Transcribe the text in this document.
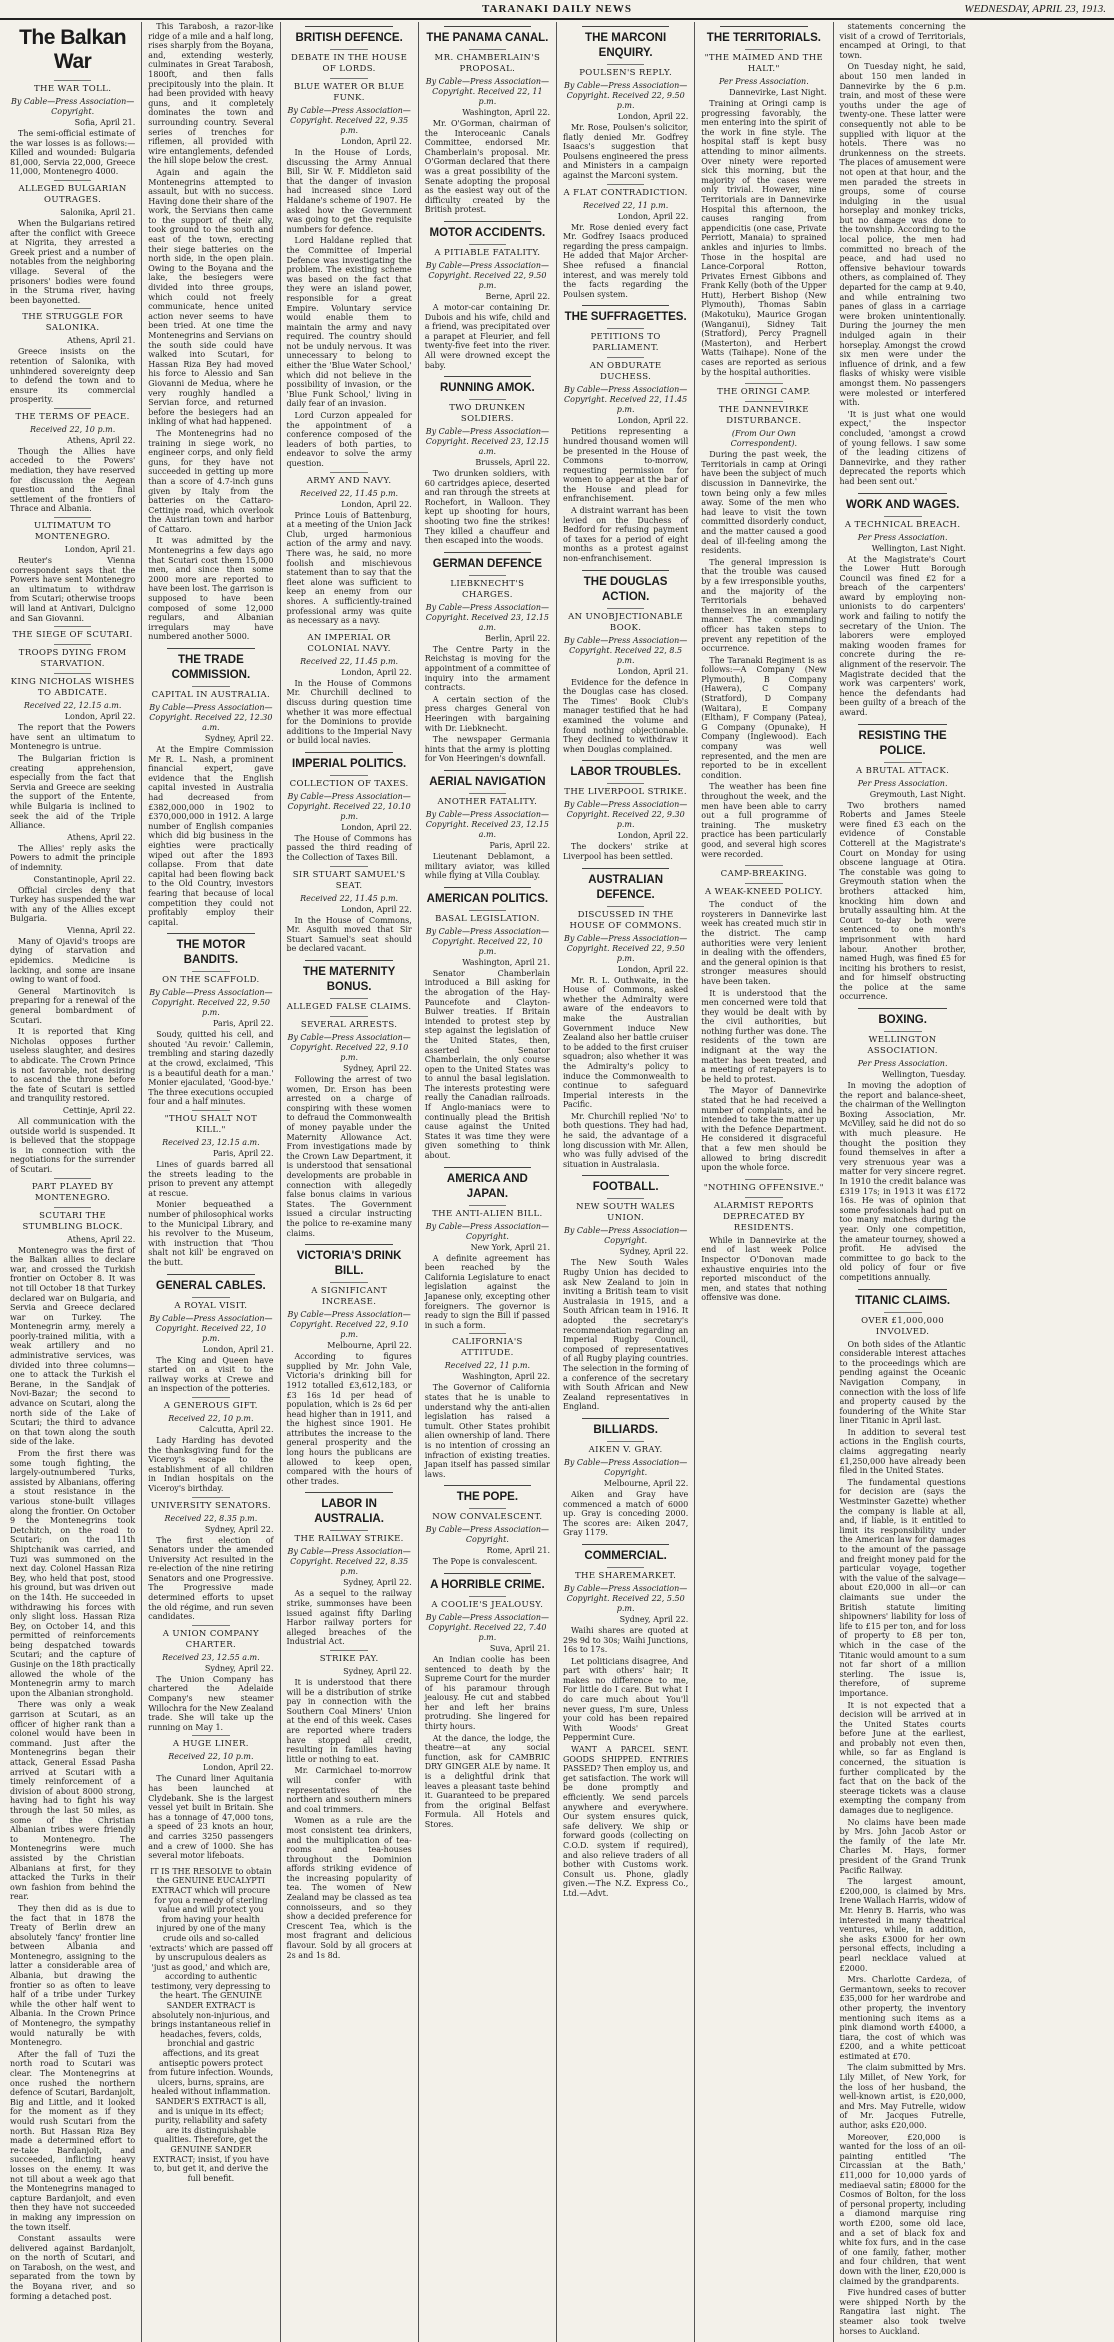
TARANAKI DAILY NEWS	WEDNESDAY, APRIL 23, 1913.
The Balkan War
THE WAR TOLL.
By Cable—Press Association—Copyright.
Sofia, April 21.

The semi-official estimate of the war losses is as follows:—Killed and wounded: Bulgaria 81,000, Servia 22,000, Greece 11,000, Montenegro 4000.

ALLEGED BULGARIAN OUTRAGES.
Salonika, April 21.

When the Bulgarians retired after the conflict with Greece at Nigrita, they arrested a Greek priest and a number of notables from the neighboring village. Several of the prisoners' bodies were found in the Struma river, having been bayonetted.

THE STRUGGLE FOR SALONIKA.
Athens, April 21.

Greece insists on the retention of Salonika, with unhindered sovereignty deep to defend the town and to ensure its commercial prosperity.

THE TERMS OF PEACE.
Received 22, 10 p.m.
Athens, April 22.

Though the Allies have acceded to the Powers' mediation, they have reserved for discussion the Aegean question and the final settlement of the frontiers of Thrace and Albania.

ULTIMATUM TO MONTENEGRO.
London, April 21.

Reuter's Vienna correspondent says that the Powers have sent Montenegro an ultimatum to withdraw from Scutari; otherwise troops will land at Antivari, Dulcigno and San Giovanni.

THE SIEGE OF SCUTARI.
TROOPS DYING FROM STARVATION.
KING NICHOLAS WISHES TO ABDICATE.
Received 22, 12.15 a.m.
London, April 22.

The report that the Powers have sent an ultimatum to Montenegro is untrue.

The Bulgarian friction is creating apprehension, especially from the fact that Servia and Greece are seeking the support of the Entente, while Bulgaria is inclined to seek the aid of the Triple Alliance.

Athens, April 22.

The Allies' reply asks the Powers to admit the principle of indemnity.

Constantinople, April 22.

Official circles deny that Turkey has suspended the war with any of the Allies except Bulgaria.

Vienna, April 22.

Many of Ojavid's troops are dying of starvation and epidemics. Medicine is lacking, and some are insane owing to want of food.

General Martinovitch is preparing for a renewal of the general bombardment of Scutari.

It is reported that King Nicholas opposes further useless slaughter, and desires to abdicate. The Crown Prince is not favorable, not desiring to ascend the throne before the fate of Scutari is settled and tranquility restored.

Cettinje, April 22.

All communication with the outside world is suspended. It is believed that the stoppage is in connection with the negotiations for the surrender of Scutari.

PART PLAYED BY MONTENEGRO.
SCUTARI THE STUMBLING BLOCK.
Athens, April 22.

Montenegro was the first of the Balkan allies to declare war, and crossed the Turkish frontier on October 8. It was not till October 18 that Turkey declared war on Bulgaria, and Servia and Greece declared war on Turkey. The Montenegrin army, merely a poorly-trained militia, with a weak artillery and no administrative services, was divided into three columns—one to attack the Turkish el Berane, in the Sandjak of Novi-Bazar; the second to advance on Scutari, along the north side of the Lake of Scutari; the third to advance on that town along the south side of the lake.

From the first there was some tough fighting, the largely-outnumbered Turks, assisted by Albanians, offering a stout resistance in the various stone-built villages along the frontier. On October 9 the Montenegrins took Detchitch, on the road to Scutari; on the 11th Shiptchanik was carried, and Tuzi was summoned on the next day. Colonel Hassan Riza Bey, who held that post, stood his ground, but was driven out on the 14th. He succeeded in withdrawing his forces with only slight loss. Hassan Riza Bey, on October 14, and this permitted of reinforcements being despatched towards Scutari; and the capture of Gusinje on the 18th practically allowed the whole of the Montenegrin army to march upon the Albanian stronghold.

There was only a weak garrison at Scutari, as an officer of higher rank than a colonel would have been in command. Just after the Montenegrins began their attack, General Essad Pasha arrived at Scutari with a timely reinforcement of a division of about 8000 strong, having had to fight his way through the last 50 miles, as some of the Christian Albanian tribes were friendly to Montenegro. The Montenegrins were much assisted by the Christian Albanians at first, for they attacked the Turks in their own fashion from behind the rear.

They then did as is due to the fact that in 1878 the Treaty of Berlin drew an absolutely 'fancy' frontier line between Albania and Montenegro, assigning to the latter a considerable area of Albania, but drawing the frontier so as often to leave half of a tribe under Turkey while the other half went to Albania. In the Crown Prince of Montenegro, the sympathy would naturally be with Montenegro.

After the fall of Tuzi the north road to Scutari was clear. The Montenegrins at once rushed the northern defence of Scutari, Bardanjolt, Big and Little, and it looked for the moment as if they would rush Scutari from the north. But Hassan Riza Bey made a determined effort to re-take Bardanjolt, and succeeded, inflicting heavy losses on the enemy. It was not till about a week ago that the Montenegrins managed to capture Bardanjolt, and even then they have not succeeded in making any impression on the town itself.

Constant assaults were delivered against Bardanjolt, on the north of Scutari, and on Tarabosh, on the west, and separated from the town by the Boyana river, and so forming a detached post.

This Tarabosh, a razor-like ridge of a mile and a half long, rises sharply from the Boyana, and, extending westerly, culminates in Great Tarabosh, 1800ft, and then falls precipitously into the plain. It had been provided with heavy guns, and it completely dominates the town and surrounding country. Several series of trenches for riflemen, all provided with wire entanglements, defended the hill slope below the crest.

Again and again the Montenegrins attempted to assault, but with no success. Having done their share of the work, the Servians then came to the support of their ally, took ground to the south and east of the town, erecting their siege batteries on the north side, in the open plain. Owing to the Boyana and the lake, the besiegers were divided into three groups, which could not freely communicate, hence united action never seems to have been tried. At one time the Montenegrins and Servians on the south side could have walked into Scutari, for Hassan Riza Bey had moved his force to Alessio and San Giovanni de Medua, where he very roughly handled a Servian force, and returned before the besiegers had an inkling of what had happened.

The Montenegrins had no training in siege work, no engineer corps, and only field guns, for they have not succeeded in getting up more than a score of 4.7-inch guns given by Italy from the batteries on the Cattaro-Cettinje road, which overlook the Austrian town and harbor of Cattaro.

It was admitted by the Montenegrins a few days ago that Scutari cost them 15,000 men, and since then some 2000 more are reported to have been lost. The garrison is supposed to have been composed of some 12,000 regulars, and Albanian irregulars may have numbered another 5000.

THE TRADE COMMISSION.
CAPITAL IN AUSTRALIA.
By Cable—Press Association—Copyright. Received 22, 12.30 a.m.
Sydney, April 22.

At the Empire Commission Mr R. L. Nash, a prominent financial expert, gave evidence that the English capital invested in Australia had decreased from £382,000,000 in 1902 to £370,000,000 in 1912. A large number of English companies which did big business in the eighties were practically wiped out after the 1893 collapse. From that date capital had been flowing back to the Old Country, investors fearing that because of local competition they could not profitably employ their capital.

THE MOTOR BANDITS.
ON THE SCAFFOLD.
By Cable—Press Association—Copyright. Received 22, 9.50 p.m.
Paris, April 22.

Soudy, quitted his cell, and shouted 'Au revoir.' Callemin, trembling and staring dazedly at the crowd, exclaimed, 'This is a beautiful death for a man.' Monier ejaculated, 'Good-bye.' The three executions occupied four and a half minutes.

"THOU SHALT NOT KILL."
Received 23, 12.15 a.m.
Paris, April 22.

Lines of guards barred all the streets leading to the prison to prevent any attempt at rescue.

Monier bequeathed a number of philosophical works to the Municipal Library, and his revolver to the Museum, with instruction that 'Thou shalt not kill' be engraved on the butt.

GENERAL CABLES.
A ROYAL VISIT.
By Cable—Press Association—Copyright. Received 22, 10 p.m.
London, April 21.

The King and Queen have started on a visit to the railway works at Crewe and an inspection of the potteries.

A GENEROUS GIFT.
Received 22, 10 p.m.
Calcutta, April 22.

Lady Harding has devoted the thanksgiving fund for the Viceroy's escape to the establishment of all children in Indian hospitals on the Viceroy's birthday.

UNIVERSITY SENATORS.
Received 22, 8.35 p.m.
Sydney, April 22.

The first election of Senators under the amended University Act resulted in the re-election of the nine retiring Senators and one Progressive. The Progressive made determined efforts to upset the old régime, and run seven candidates.

A UNION COMPANY CHARTER.
Received 23, 12.55 a.m.
Sydney, April 22.

The Union Company has chartered the Adelaide Company's new steamer Willochra for the New Zealand trade. She will take up the running on May 1.

A HUGE LINER.
Received 22, 10 p.m.
London, April 22.

The Cunard liner Aquitania has been launched at Clydebank. She is the largest vessel yet built in Britain. She has a tonnage of 47,000 tons, a speed of 23 knots an hour, and carries 3250 passengers and a crew of 1000. She has several motor lifeboats.

IT IS THE RESOLVE to obtain the GENUINE EUCALYPTI EXTRACT which will procure for you a remedy of sterling value and will protect you from having your health injured by one of the many crude oils and so-called 'extracts' which are passed off by unscrupulous dealers as 'just as good,' and which are, according to authentic testimony, very depressing to the heart. The GENUINE SANDER EXTRACT is absolutely non-injurious, and brings instantaneous relief in headaches, fevers, colds, bronchial and gastric affections, and its great antiseptic powers protect from future infection. Wounds, ulcers, burns, sprains, are healed without inflammation. SANDER'S EXTRACT is all, and is unique in its effect; purity, reliability and safety are its distinguishable qualities. Therefore, get the GENUINE SANDER EXTRACT; insist, if you have to, but get it, and derive the full benefit.

BRITISH DEFENCE.
DEBATE IN THE HOUSE OF LORDS.
BLUE WATER OR BLUE FUNK.
By Cable—Press Association—Copyright. Received 22, 9.35 p.m.
London, April 22.

In the House of Lords, discussing the Army Annual Bill, Sir W. F. Middleton said that the danger of invasion had increased since Lord Haldane's scheme of 1907. He asked how the Government was going to get the requisite numbers for defence.

Lord Haldane replied that the Committee of Imperial Defence was investigating the problem. The existing scheme was based on the fact that they were an island power, responsible for a great Empire. Voluntary service would enable them to maintain the army and navy required. The country should not be unduly nervous. It was unnecessary to belong to either the 'Blue Water School,' which did not believe in the possibility of invasion, or the 'Blue Funk School,' living in daily fear of an invasion.

Lord Curzon appealed for the appointment of a conference composed of the leaders of both parties, to endeavor to solve the army question.

ARMY AND NAVY.
Received 22, 11.45 p.m.
London, April 22.

Prince Louis of Battenburg, at a meeting of the Union Jack Club, urged harmonious action of the army and navy. There was, he said, no more foolish and mischievous statement than to say that the fleet alone was sufficient to keep an enemy from our shores. A sufficiently-trained professional army was quite as necessary as a navy.

AN IMPERIAL OR COLONIAL NAVY.
Received 22, 11.45 p.m.
London, April 22.

In the House of Commons Mr. Churchill declined to discuss during question time whether it was more effectual for the Dominions to provide additions to the Imperial Navy or build local navies.

IMPERIAL POLITICS.
COLLECTION OF TAXES.
By Cable—Press Association—Copyright. Received 22, 10.10 p.m.
London, April 22.

The House of Commons has passed the third reading of the Collection of Taxes Bill.

SIR STUART SAMUEL'S SEAT.
Received 22, 11.45 p.m.
London, April 22.

In the House of Commons, Mr. Asquith moved that Sir Stuart Samuel's seat should be declared vacant.

THE MATERNITY BONUS.
ALLEGED FALSE CLAIMS.
SEVERAL ARRESTS.
By Cable—Press Association—Copyright. Received 22, 9.10 p.m.
Sydney, April 22.

Following the arrest of two women, Dr. Erson has been arrested on a charge of conspiring with these women to defraud the Commonwealth of money payable under the Maternity Allowance Act. From investigations made by the Crown Law Department, it is understood that sensational developments are probable in connection with allegedly false bonus claims in various States. The Government issued a circular instructing the police to re-examine many claims.

VICTORIA'S DRINK BILL.
A SIGNIFICANT INCREASE.
By Cable—Press Association—Copyright. Received 22, 9.10 p.m.
Melbourne, April 22.

According to figures supplied by Mr. John Vale, Victoria's drinking bill for 1912 totalled £3,612,183, or £3 16s 1d per head of population, which is 2s 6d per head higher than in 1911, and the highest since 1901. He attributes the increase to the general prosperity and the long hours the publicans are allowed to keep open, compared with the hours of other trades.

LABOR IN AUSTRALIA.
THE RAILWAY STRIKE.
By Cable—Press Association—Copyright. Received 22, 8.35 p.m.
Sydney, April 22.

As a sequel to the railway strike, summonses have been issued against fifty Darling Harbor railway porters for alleged breaches of the Industrial Act.

STRIKE PAY.
Sydney, April 22.

It is understood that there will be a distribution of strike pay in connection with the Southern Coal Miners' Union at the end of this week. Cases are reported where traders have stopped all credit, resulting in families having little or nothing to eat.

Mr. Carmichael to-morrow will confer with representatives of the northern and southern miners and coal trimmers.

Women as a rule are the most consistent tea drinkers, and the multiplication of tea-rooms and tea-houses throughout the Dominion affords striking evidence of the increasing popularity of tea. The women of New Zealand may be classed as tea connoisseurs, and so they show a decided preference for Crescent Tea, which is the most fragrant and delicious flavour. Sold by all grocers at 2s and 1s 8d.

THE PANAMA CANAL.
MR. CHAMBERLAIN'S PROPOSAL.
By Cable—Press Association—Copyright. Received 22, 11 p.m.
Washington, April 22.

Mr. O'Gorman, chairman of the Interoceanic Canals Committee, endorsed Mr. Chamberlain's proposal. Mr. O'Gorman declared that there was a great possibility of the Senate adopting the proposal as the easiest way out of the difficulty created by the British protest.

MOTOR ACCIDENTS.
A PITIABLE FATALITY.
By Cable—Press Association—Copyright. Received 22, 9.50 p.m.
Berne, April 22.

A motor-car containing Dr. Dubois and his wife, child and a friend, was precipitated over a parapet at Fleurier, and fell twenty-five feet into the river. All were drowned except the baby.

RUNNING AMOK.
TWO DRUNKEN SOLDIERS.
By Cable—Press Association—Copyright. Received 23, 12.15 a.m.
Brussels, April 22.

Two drunken soldiers, with 60 cartridges apiece, deserted and ran through the streets at Rochefort, in Walloon. They kept up shooting for hours, shooting two fine the strikes! They killed a chauffeur and then escaped into the woods.

GERMAN DEFENCE
LIEBKNECHT'S CHARGES.
By Cable—Press Association—Copyright. Received 23, 12.15 a.m.
Berlin, April 22.

The Centre Party in the Reichstag is moving for the appointment of a committee of inquiry into the armament contracts.

A certain section of the press charges General von Heeringen with bargaining with Dr. Liebknecht.

The newspaper Germania hints that the army is plotting for Von Heeringen's downfall.

AERIAL NAVIGATION
ANOTHER FATALITY.
By Cable—Press Association—Copyright. Received 23, 12.15 a.m.
Paris, April 22.

Lieutenant Deblamont, a military aviator, was killed while flying at Villa Coublay.

AMERICAN POLITICS.
BASAL LEGISLATION.
By Cable—Press Association—Copyright. Received 22, 10 p.m.
Washington, April 21.

Senator Chamberlain introduced a Bill asking for the abrogation of the Hay-Pauncefote and Clayton-Bulwer treaties. If Britain intended to protest step by step against the legislation of the United States, then, asserted Senator Chamberlain, the only course open to the United States was to annul the basal legislation. The interests protesting were really the Canadian railroads. If Anglo-maniacs were to continually plead the British cause against the United States it was time they were given something to think about.

AMERICA AND JAPAN.
THE ANTI-ALIEN BILL.
By Cable—Press Association—Copyright.
New York, April 21.

A definite agreement has been reached by the California Legislature to enact legislation against the Japanese only, excepting other foreigners. The governor is ready to sign the Bill if passed in such a form.

CALIFORNIA'S ATTITUDE.
Received 22, 11 p.m.
Washington, April 22.

The Governor of California states that he is unable to understand why the anti-alien legislation has raised a tumult. Other States prohibit alien ownership of land. There is no intention of crossing an infraction of existing treaties. Japan itself has passed similar laws.

THE POPE.
NOW CONVALESCENT.
By Cable—Press Association—Copyright.
Rome, April 21.

The Pope is convalescent.

A HORRIBLE CRIME.
A COOLIE'S JEALOUSY.
By Cable—Press Association—Copyright. Received 22, 7.40 p.m.
Suva, April 21.

An Indian coolie has been sentenced to death by the Supreme Court for the murder of his paramour through jealousy. He cut and stabbed her and left her brains protruding. She lingered for thirty hours.

At the dance, the lodge, the theatre—at any social function, ask for CAMBRIC DRY GINGER ALE by name. It is a delightful drink that leaves a pleasant taste behind it. Guaranteed to be prepared from the original Belfast Formula. All Hotels and Stores.

THE MARCONI ENQUIRY.
POULSEN'S REPLY.
By Cable—Press Association—Copyright. Received 22, 9.50 p.m.
London, April 22.

Mr. Rose, Poulsen's solicitor, flatly denied Mr. Godfrey Isaacs's suggestion that Poulsens engineered the press and Ministers in a campaign against the Marconi system.

A FLAT CONTRADICTION.
Received 22, 11 p.m.
London, April 22.

Mr. Rose denied every fact Mr. Godfrey Isaacs produced regarding the press campaign. He added that Major Archer-Shee refused a financial interest, and was merely told the facts regarding the Poulsen system.

THE SUFFRAGETTES.
PETITIONS TO PARLIAMENT.
AN OBDURATE DUCHESS.
By Cable—Press Association—Copyright. Received 22, 11.45 p.m.
London, April 22.

Petitions representing a hundred thousand women will be presented in the House of Commons to-morrow, requesting permission for women to appear at the bar of the House and plead for enfranchisement.

A distraint warrant has been levied on the Duchess of Bedford for refusing payment of taxes for a period of eight months as a protest against non-enfranchisement.

THE DOUGLAS ACTION.
AN UNOBJECTIONABLE BOOK.
By Cable—Press Association—Copyright. Received 22, 8.5 p.m.
London, April 21.

Evidence for the defence in the Douglas case has closed. The Times' Book Club's manager testified that he had examined the volume and found nothing objectionable. They declined to withdraw it when Douglas complained.

LABOR TROUBLES.
THE LIVERPOOL STRIKE.
By Cable—Press Association—Copyright. Received 22, 9.30 p.m.
London, April 22.

The dockers' strike at Liverpool has been settled.

AUSTRALIAN DEFENCE.
DISCUSSED IN THE HOUSE OF COMMONS.
By Cable—Press Association—Copyright. Received 22, 9.50 p.m.
London, April 22.

Mr. R. L. Outhwaite, in the House of Commons, asked whether the Admiralty were aware of the endeavors to make the Australian Government induce New Zealand also her battle cruiser to be added to the first cruiser squadron; also whether it was the Admiralty's policy to induce the Commonwealth to continue to safeguard Imperial interests in the Pacific.

Mr. Churchill replied 'No' to both questions. They had had, he said, the advantage of a long discussion with Mr. Allen, who was fully advised of the situation in Australasia.

FOOTBALL.
NEW SOUTH WALES UNION.
By Cable—Press Association—Copyright.
Sydney, April 22.

The New South Wales Rugby Union has decided to ask New Zealand to join in inviting a British team to visit Australasia in 1915, and a South African team in 1916. It adopted the secretary's recommendation regarding an Imperial Rugby Council, composed of representatives of all Rugby playing countries. The selection in the forming of a conference of the secretary with South African and New Zealand representatives in England.

BILLIARDS.
AIKEN V. GRAY.
By Cable—Press Association—Copyright.
Melbourne, April 22.

Aiken and Gray have commenced a match of 6000 up. Gray is conceding 2000. The scores are: Aiken 2047, Gray 1179.

COMMERCIAL.
THE SHAREMARKET.
By Cable—Press Association—Copyright. Received 22, 5.50 p.m.
Sydney, April 22.

Waihi shares are quoted at 29s 9d to 30s; Waihi Junctions, 16s to 17s.

Let politicians disagree, And part with others' hair; It makes no difference to me, For little do I care. But what I do care much about You'll never guess, I'm sure, Unless your cold has been repaired With Woods' Great Peppermint Cure.

WANT A PARCEL SENT. GOODS SHIPPED. ENTRIES PASSED? Then employ us, and get satisfaction. The work will be done promptly and efficiently. We send parcels anywhere and everywhere. Our system ensures quick, safe delivery. We ship or forward goods (collecting on C.O.D. system if required), and also relieve traders of all bother with Customs work. Consult us. Phone, gladly given.—The N.Z. Express Co., Ltd.—Advt.

THE TERRITORIALS.
"THE MAIMED AND THE HALT."
Per Press Association.
Dannevirke, Last Night.

Training at Oringi camp is progressing favorably, the men entering into the spirit of the work in fine style. The hospital staff is kept busy attending to minor ailments. Over ninety were reported sick this morning, but the majority of the cases were only trivial. However, nine Territorials are in Dannevirke Hospital this afternoon, the causes ranging from appendicitis (one case, Private Perriott, Manaia) to sprained ankles and injuries to limbs. Those in the hospital are Lance-Corporal Rotton, Privates Ernest Gibbons and Frank Kelly (both of the Upper Hutt), Herbert Bishop (New Plymouth), Thomas Sabin (Makotuku), Maurice Grogan (Wanganui), Sidney Tait (Stratford), Percy Pragnell (Masterton), and Herbert Watts (Taihape). None of the cases are reported as serious by the hospital authorities.

THE ORINGI CAMP.
THE DANNEVIRKE DISTURBANCE.
(From Our Own Correspondent).

During the past week, the Territorials in camp at Oringi have been the subject of much discussion in Dannevirke, the town being only a few miles away. Some of the men who had leave to visit the town committed disorderly conduct, and the matter caused a good deal of ill-feeling among the residents.

The general impression is that the trouble was caused by a few irresponsible youths, and the majority of the Territorials behaved themselves in an exemplary manner. The commanding officer has taken steps to prevent any repetition of the occurrence.

The Taranaki Regiment is as follows:—A Company (New Plymouth), B Company (Hawera), C Company (Stratford), D Company (Waitara), E Company (Eltham), F Company (Patea), G Company (Opunake), H Company (Inglewood). Each company was well represented, and the men are reported to be in excellent condition.

The weather has been fine throughout the week, and the men have been able to carry out a full programme of training. The musketry practice has been particularly good, and several high scores were recorded.

CAMP-BREAKING.
A WEAK-KNEED POLICY.

The conduct of the roysterers in Dannevirke last week has created much stir in the district. The camp authorities were very lenient in dealing with the offenders, and the general opinion is that stronger measures should have been taken.

It is understood that the men concerned were told that they would be dealt with by the civil authorities, but nothing further was done. The residents of the town are indignant at the way the matter has been treated, and a meeting of ratepayers is to be held to protest.

The Mayor of Dannevirke stated that he had received a number of complaints, and he intended to take the matter up with the Defence Department. He considered it disgraceful that a few men should be allowed to bring discredit upon the whole force.

"NOTHING OFFENSIVE."
ALARMIST REPORTS DEPRECATED BY RESIDENTS.

While in Dannevirke at the end of last week Police Inspector O'Donovan made exhaustive enquiries into the reported misconduct of the men, and states that nothing offensive was done.

statements concerning the visit of a crowd of Territorials, encamped at Oringi, to that town.

On Tuesday night, he said, about 150 men landed in Dannevirke by the 6 p.m. train, and most of these were youths under the age of twenty-one. These latter were consequently not able to be supplied with liquor at the hotels. There was no drunkenness on the streets. The places of amusement were not open at that hour, and the men paraded the streets in groups, some of course indulging in the usual horseplay and monkey tricks, but no damage was done to the township. According to the local police, the men had committed no breach of the peace, and had used no offensive behaviour towards others, as complained of. They departed for the camp at 9.40, and while entraining two panes of glass in a carriage were broken unintentionally. During the journey the men indulged again in their horseplay. Amongst the crowd six men were under the influence of drink, and a few flasks of whisky were visible amongst them. No passengers were molested or interfered with.

'It is just what one would expect,' the inspector concluded, 'amongst a crowd of young fellows. I saw some of the leading citizens of Dannevirke, and they rather deprecated the reports which had been sent out.'

WORK AND WAGES.
A TECHNICAL BREACH.
Per Press Association.
Wellington, Last Night.

At the Magistrate's Court the Lower Hutt Borough Council was fined £2 for a breach of the carpenters' award by employing non-unionists to do carpenters' work and failing to notify the secretary of the Union. The laborers were employed making wooden frames for concrete during the re-alignment of the reservoir. The Magistrate decided that the work was carpenters' work, hence the defendants had been guilty of a breach of the award.

RESISTING THE POLICE.
A BRUTAL ATTACK.
Per Press Association.
Greymouth, Last Night.

Two brothers named Roberts and James Steele were fined £3 each on the evidence of Constable Cotterell at the Magistrate's Court on Monday for using obscene language at Otira. The constable was going to Greymouth station when the brothers attacked him, knocking him down and brutally assaulting him. At the Court to-day both were sentenced to one month's imprisonment with hard labour. Another brother, named Hugh, was fined £5 for inciting his brothers to resist, and for himself obstructing the police at the same occurrence.

BOXING.
WELLINGTON ASSOCIATION.
Per Press Association.
Wellington, Tuesday.

In moving the adoption of the report and balance-sheet, the chairman of the Wellington Boxing Association, Mr. McVilley, said he did not do so with much pleasure. He thought the position they found themselves in after a very strenuous year was a matter for very sincere regret. In 1910 the credit balance was £319 17s; in 1913 it was £172 16s. He was of opinion that some professionals had put on too many matches during the year. Only one competition, the amateur tourney, showed a profit. He advised the committee to go back to the old policy of four or five competitions annually.

TITANIC CLAIMS.
OVER £1,000,000 INVOLVED.

On both sides of the Atlantic considerable interest attaches to the proceedings which are pending against the Oceanic Navigation Company, in connection with the loss of life and property caused by the foundering of the White Star liner Titanic in April last.

In addition to several test actions in the English courts, claims aggregating nearly £1,250,000 have already been filed in the United States.

The fundamental questions for decision are (says the Westminster Gazette) whether the company is liable at all, and, if liable, is it entitled to limit its responsibility under the American law for damages to the amount of the passage and freight money paid for the particular voyage, together with the value of the salvage—about £20,000 in all—or can claimants sue under the British statute limiting shipowners' liability for loss of life to £15 per ton, and for loss of property to £8 per ton, which in the case of the Titanic would amount to a sum not far short of a million sterling. The issue is, therefore, of supreme importance.

It is not expected that a decision will be arrived at in the United States courts before June at the earliest, and probably not even then, while, so far as England is concerned, the situation is further complicated by the fact that on the back of the steerage tickets was a clause exempting the company from damages due to negligence.

No claims have been made by Mrs. John Jacob Astor or the family of the late Mr. Charles M. Hays, former president of the Grand Trunk Pacific Railway.

The largest amount, £200,000, is claimed by Mrs. Irene Wallach Harris, widow of Mr. Henry B. Harris, who was interested in many theatrical ventures, while, in addition, she asks £3000 for her own personal effects, including a pearl necklace valued at £2000.

Mrs. Charlotte Cardeza, of Germantown, seeks to recover £35,000 for her wardrobe and other property, the inventory mentioning such items as a pink diamond worth £4000, a tiara, the cost of which was £200, and a white petticoat estimated at £70.

The claim submitted by Mrs. Lily Millet, of New York, for the loss of her husband, the well-known artist, is £20,000, and Mrs. May Futrelle, widow of Mr. Jacques Futrelle, author, asks £20,000.

Moreover, £20,000 is wanted for the loss of an oil-painting entitled 'The Circassian at the Bath,' £11,000 for 10,000 yards of mediaeval satin; £8000 for the Cosmos of Bolton, for the loss of personal property, including a diamond marquise ring worth £200, some old lace, and a set of black fox and white fox furs, and in the case of one family, father, mother and four children, that went down with the liner, £20,000 is claimed by the grandparents.

Five hundred cases of butter were shipped North by the Rangatira last night. The steamer also took twelve horses to Auckland.
